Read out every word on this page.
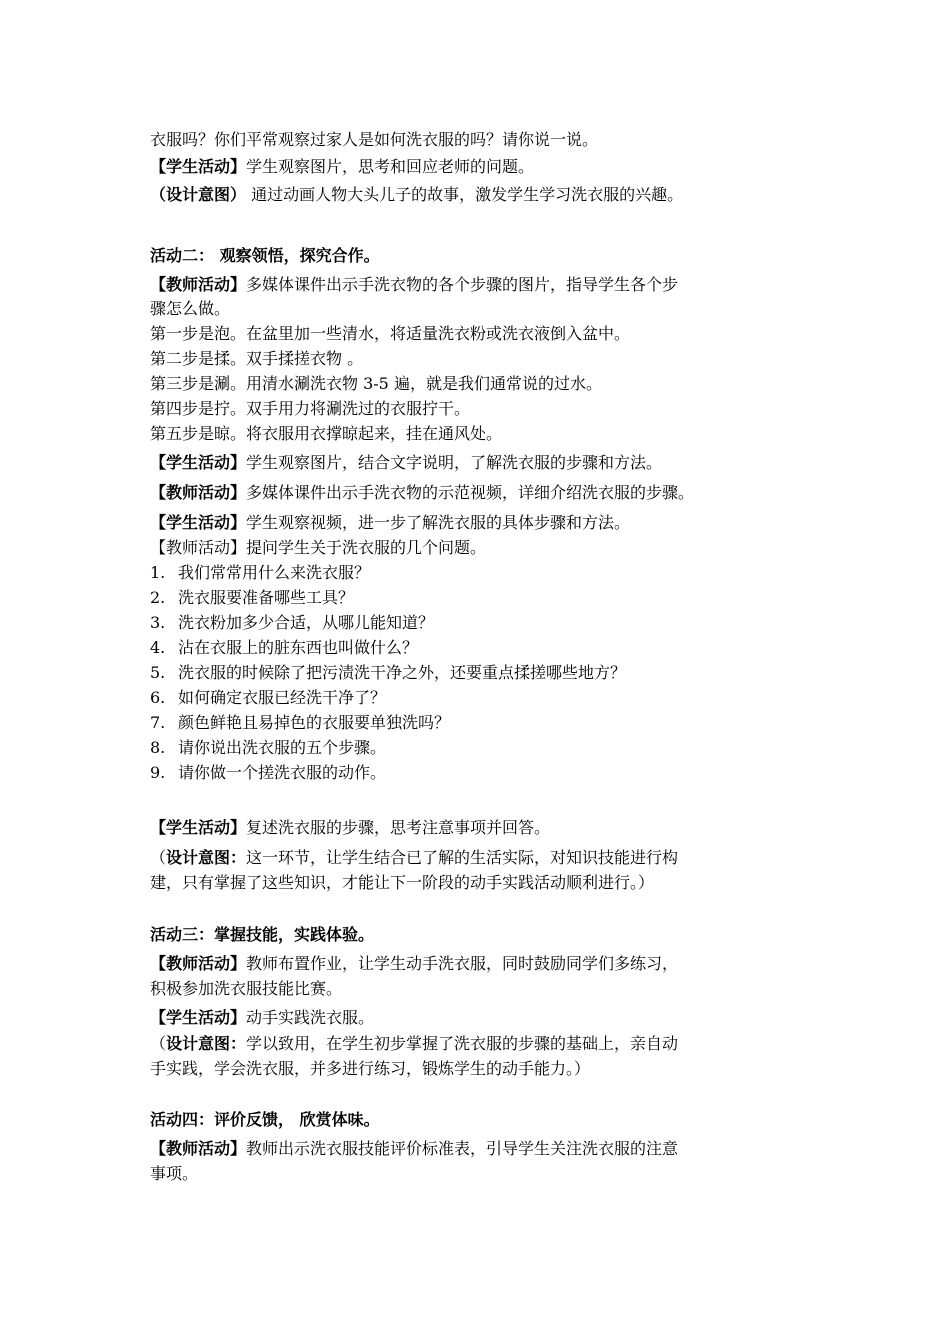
衣服吗？你们平常观察过家人是如何洗衣服的吗？请你说一说。
【学生活动】学生观察图片，思考和回应老师的问题。
（设计意图） 通过动画人物大头儿子的故事，激发学生学习洗衣服的兴趣。
活动二： 观察领悟，探究合作。
【教师活动】多媒体课件出示手洗衣物的各个步骤的图片，指导学生各个步
骤怎么做。
第一步是泡。在盆里加一些清水，将适量洗衣粉或洗衣液倒入盆中。
第二步是揉。双手揉搓衣物 。
第三步是涮。用清水涮洗衣物 3-5 遍，就是我们通常说的过水。
第四步是拧。双手用力将涮洗过的衣服拧干。
第五步是晾。将衣服用衣撑晾起来，挂在通风处。
【学生活动】学生观察图片，结合文字说明，了解洗衣服的步骤和方法。
【教师活动】多媒体课件出示手洗衣物的示范视频，详细介绍洗衣服的步骤。
【学生活动】学生观察视频，进一步了解洗衣服的具体步骤和方法。
【教师活动】提问学生关于洗衣服的几个问题。
1. 我们常常用什么来洗衣服？
2. 洗衣服要准备哪些工具？
3. 洗衣粉加多少合适，从哪儿能知道？
4. 沾在衣服上的脏东西也叫做什么？
5. 洗衣服的时候除了把污渍洗干净之外，还要重点揉搓哪些地方？
6. 如何确定衣服已经洗干净了？
7. 颜色鲜艳且易掉色的衣服要单独洗吗？
8. 请你说出洗衣服的五个步骤。
9. 请你做一个搓洗衣服的动作。
【学生活动】复述洗衣服的步骤，思考注意事项并回答。
（设计意图：这一环节，让学生结合已了解的生活实际，对知识技能进行构
建，只有掌握了这些知识，才能让下一阶段的动手实践活动顺利进行。）
活动三：掌握技能，实践体验。
【教师活动】教师布置作业，让学生动手洗衣服，同时鼓励同学们多练习，
积极参加洗衣服技能比赛。
【学生活动】动手实践洗衣服。
（设计意图：学以致用，在学生初步掌握了洗衣服的步骤的基础上，亲自动
手实践，学会洗衣服，并多进行练习，锻炼学生的动手能力。）
活动四：评价反馈， 欣赏体味。
【教师活动】教师出示洗衣服技能评价标准表，引导学生关注洗衣服的注意
事项。
